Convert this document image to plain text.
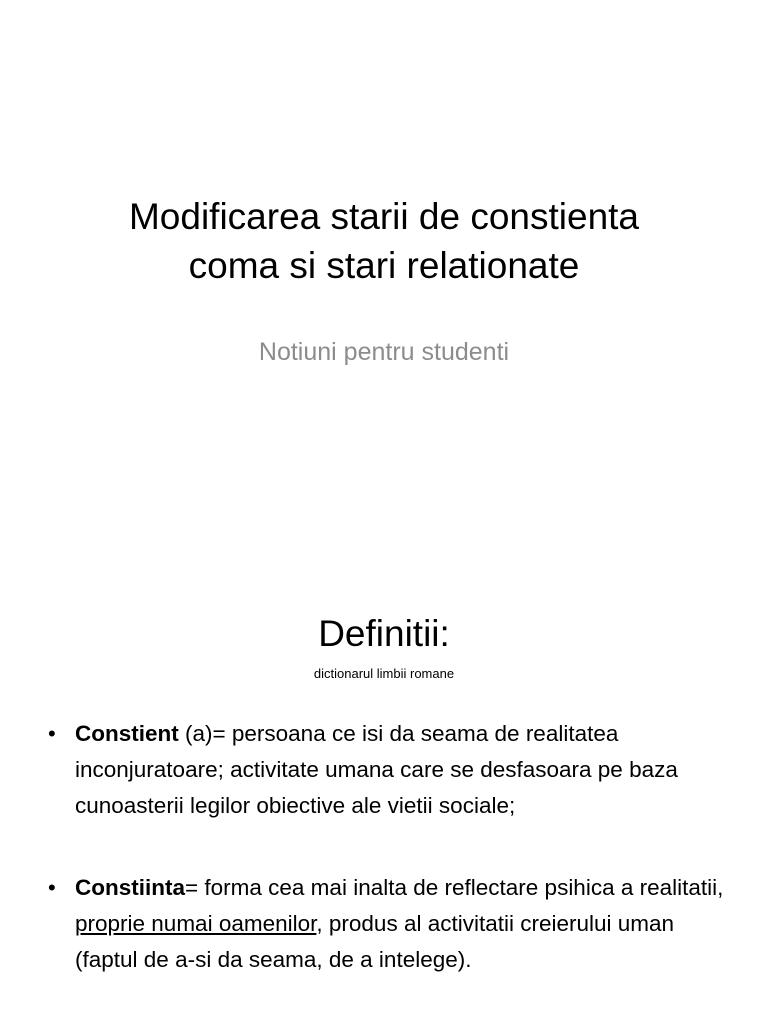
Modificarea starii de constienta
coma si stari relationate

Notiuni pentru studenti

Definitii:
dictionarul limbii romane
• Constient (a)= persoana ce isi da seama de realitatea inconjuratoare; activitate umana care se desfasoara pe baza cunoasterii legilor obiective ale vietii sociale;
• Constiinta= forma cea mai inalta de reflectare psihica a realitatii, proprie numai oamenilor, produs al activitatii creierului uman (faptul de a-si da seama, de a intelege).
